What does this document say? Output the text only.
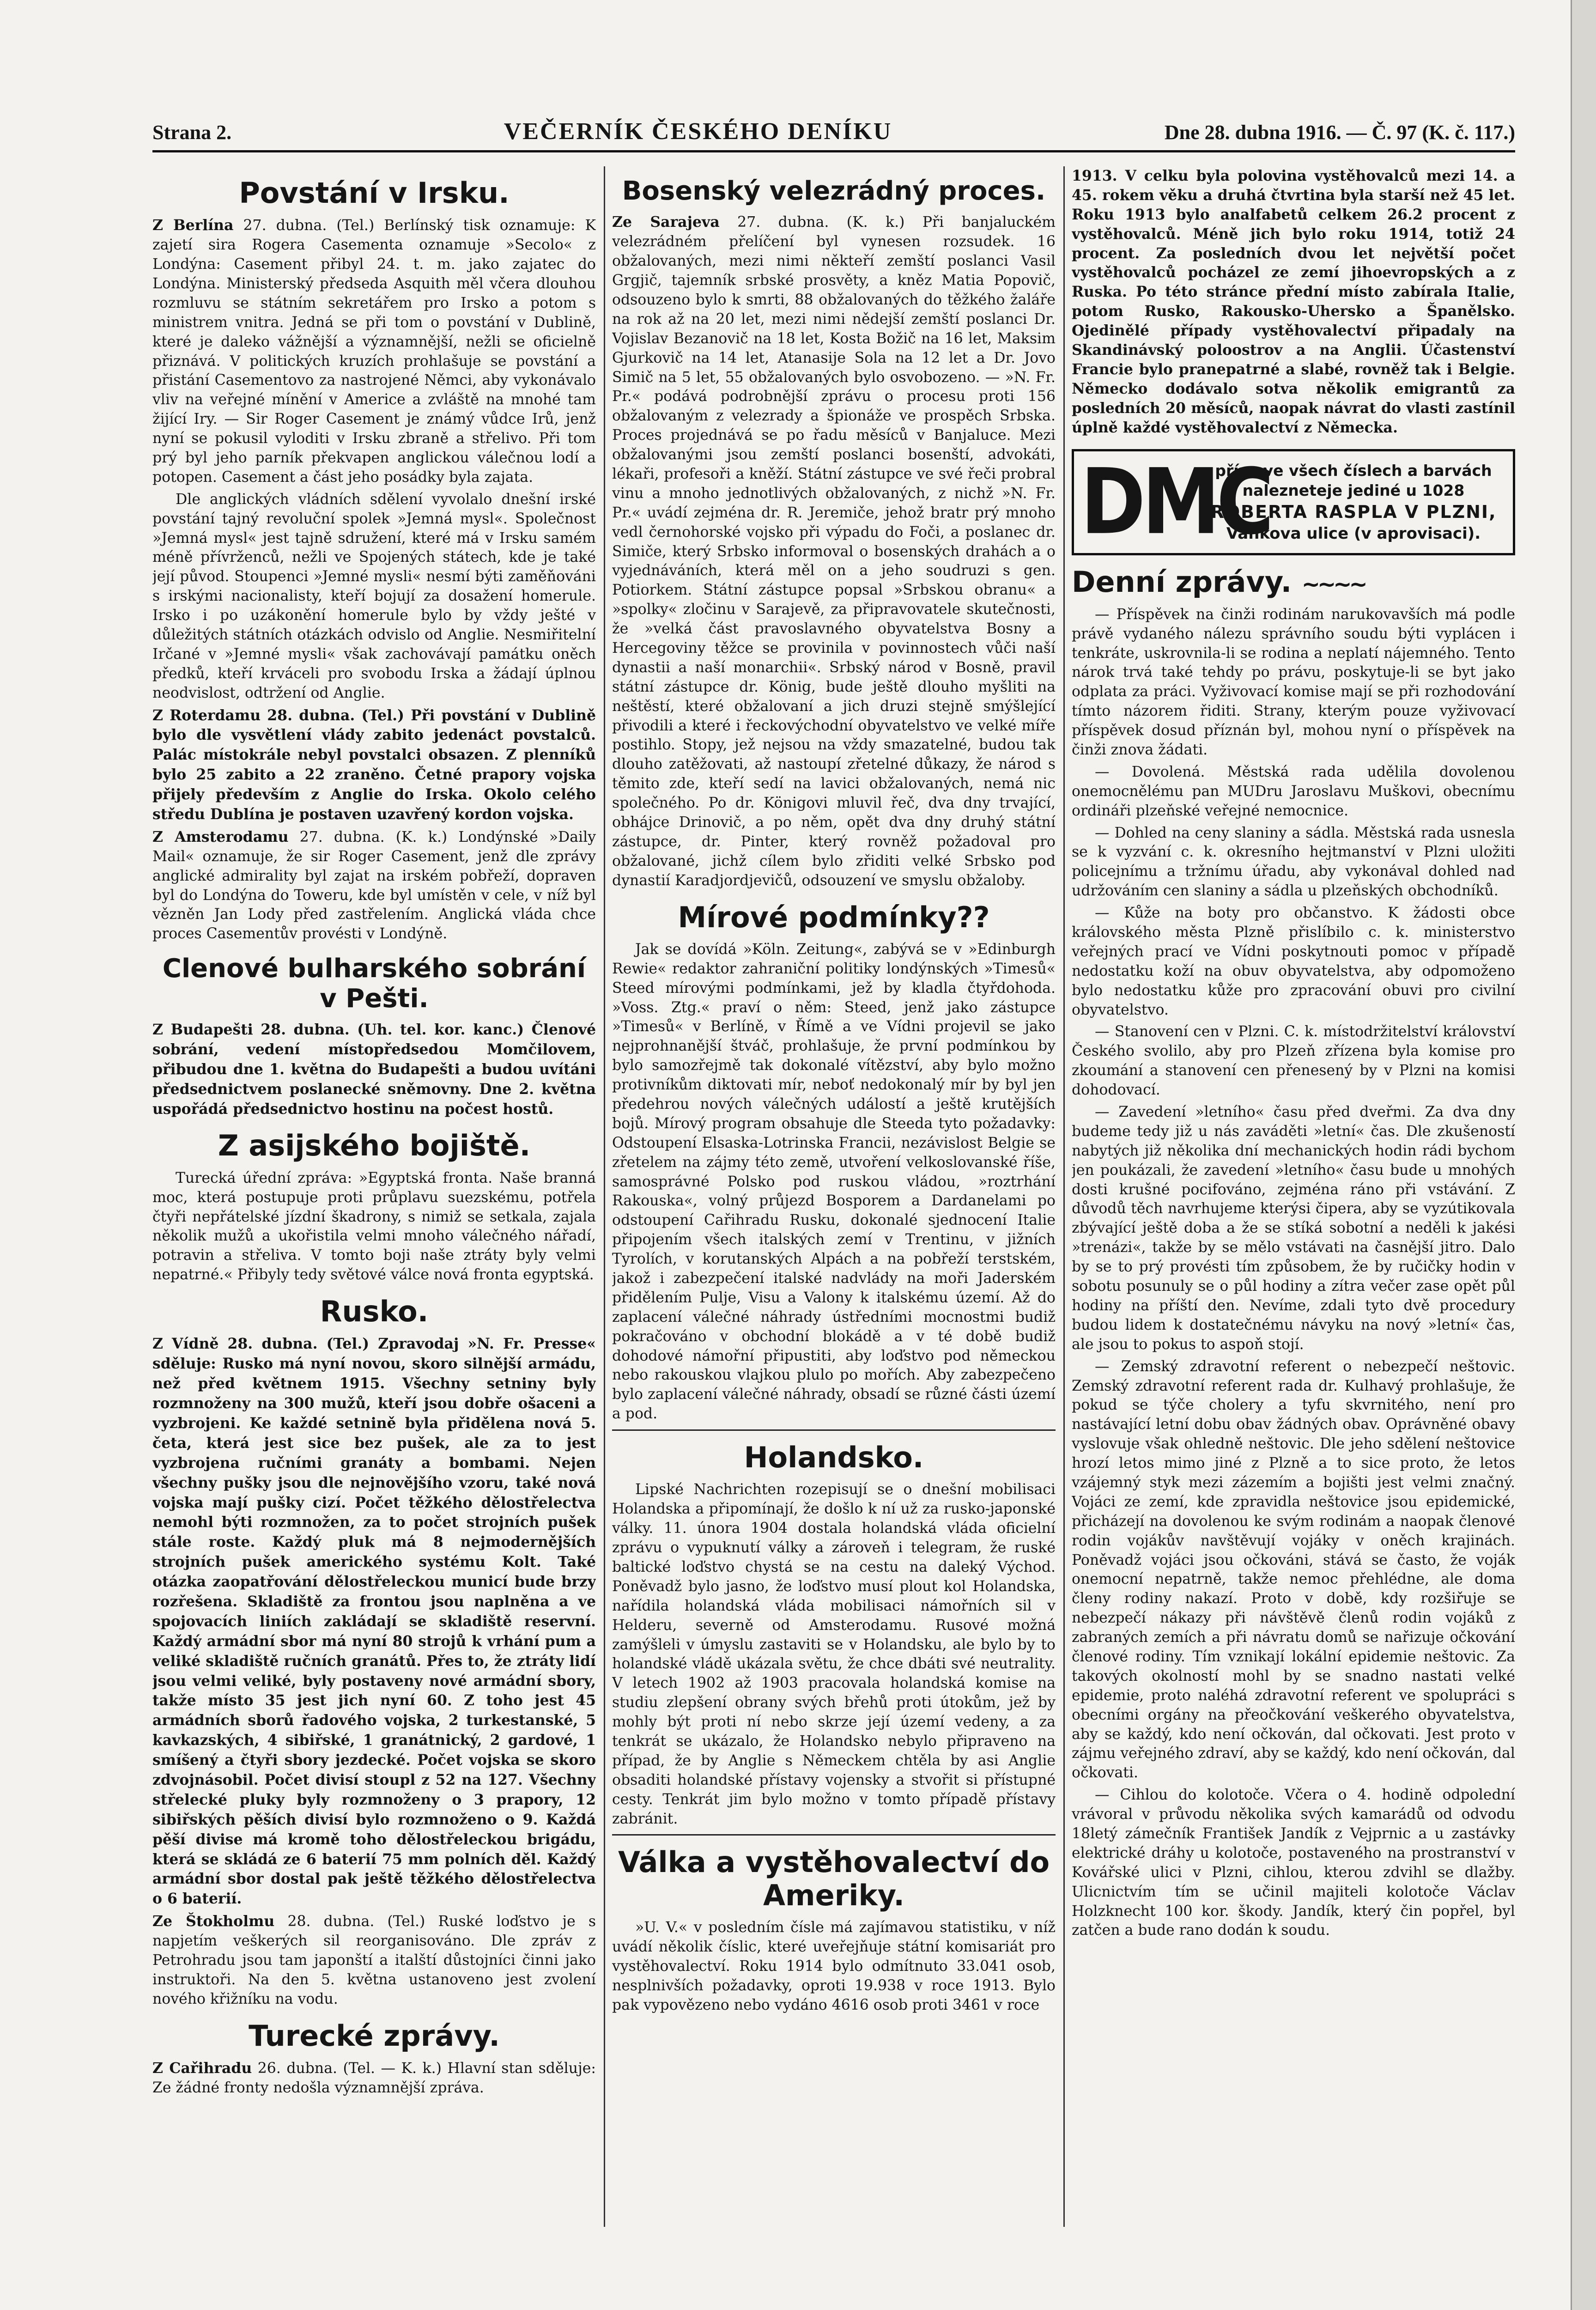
Strana 2.	VEČERNÍK ČESKÉHO DENÍKU	Dne 28. dubna 1916. — Č. 97 (K. č. 117.)
Povstání v Irsku.

Z Berlína 27. dubna. (Tel.) Berlínský tisk oznamuje: K zajetí sira Rogera Casementa oznamuje »Secolo« z Londýna: Casement přibyl 24. t. m. jako zajatec do Londýna. Ministerský předseda Asquith měl včera dlouhou rozmluvu se státním sekretářem pro Irsko a potom s ministrem vnitra. Jedná se při tom o povstání v Dublině, které je daleko vážnější a významnější, nežli se oficielně přiznává. V politických kruzích prohlašuje se povstání a přistání Casementovo za nastrojené Němci, aby vykonávalo vliv na veřejné mínění v Americe a zvláště na mnohé tam žijící Iry. — Sir Roger Casement je známý vůdce Irů, jenž nyní se pokusil vyloditi v Irsku zbraně a střelivo. Při tom prý byl jeho parník překvapen anglickou válečnou lodí a potopen. Casement a část jeho posádky byla zajata.

Dle anglických vládních sdělení vyvolalo dnešní irské povstání tajný revoluční spolek »Jemná mysl«. Společnost »Jemná mysl« jest tajně sdružení, které má v Irsku samém méně přívrženců, nežli ve Spojených státech, kde je také její původ. Stoupenci »Jemné mysli« nesmí býti zaměňováni s irskými nacionalisty, kteří bojují za dosažení homerule. Irsko i po uzákonění homerule bylo by vždy ješté v důležitých státních otázkách odvislo od Anglie. Nesmiřitelní Irčané v »Jemné mysli« však zachovávají památku oněch předků, kteří krváceli pro svobodu Irska a žádají úplnou neodvislost, odtržení od Anglie.

Z Roterdamu 28. dubna. (Tel.) Při povstání v Dublině bylo dle vysvětlení vlády zabito jedenáct povstalců. Palác místokrále nebyl povstalci obsazen. Z plenníků bylo 25 zabito a 22 zraněno. Četné prapory vojska přijely především z Anglie do Irska. Okolo celého středu Dublína je postaven uzavřený kordon vojska.

Z Amsterodamu 27. dubna. (K. k.) Londýnské »Daily Mail« oznamuje, že sir Roger Casement, jenž dle zprávy anglické admirality byl zajat na irském pobřeží, dopraven byl do Londýna do Toweru, kde byl umístěn v cele, v níž byl vězněn Jan Lody před zastřelením. Anglická vláda chce proces Casementův provésti v Londýně.

Clenové bulharského sobrání v Pešti.

Z Budapešti 28. dubna. (Uh. tel. kor. kanc.) Členové sobrání, vedení místopředsedou Momčilovem, přibudou dne 1. května do Budapešti a budou uvítáni předsednictvem poslanecké sněmovny. Dne 2. května uspořádá předsednictvo hostinu na počest hostů.

Z asijského bojiště.

Turecká úřední zpráva: »Egyptská fronta. Naše branná moc, která postupuje proti průplavu suezskému, potřela čtyři nepřátelské jízdní škadrony, s nimiž se setkala, zajala několik mužů a ukořistila velmi mnoho válečného nářadí, potravin a střeliva. V tomto boji naše ztráty byly velmi nepatrné.« Přibyly tedy světové válce nová fronta egyptská.

Rusko.

Z Vídně 28. dubna. (Tel.) Zpravodaj »N. Fr. Presse« sděluje: Rusko má nyní novou, skoro silnější armádu, než před květnem 1915. Všechny setniny byly rozmnoženy na 300 mužů, kteří jsou dobře ošaceni a vyzbrojeni. Ke každé setnině byla přidělena nová 5. četa, která jest sice bez pušek, ale za to jest vyzbrojena ručními granáty a bombami. Nejen všechny pušky jsou dle nejnovějšího vzoru, také nová vojska mají pušky cizí. Počet těžkého dělostřelectva nemohl býti rozmnožen, za to počet strojních pušek stále roste. Každý pluk má 8 nejmodernějších strojních pušek amerického systému Kolt. Také otázka zaopatřování dělostřeleckou municí bude brzy rozřešena. Skladiště za frontou jsou naplněna a ve spojovacích liniích zakládají se skladiště reservní. Každý armádní sbor má nyní 80 strojů k vrhání pum a veliké skladiště ručních granátů. Přes to, že ztráty lidí jsou velmi veliké, byly postaveny nové armádní sbory, takže místo 35 jest jich nyní 60. Z toho jest 45 armádních sborů řadového vojska, 2 turkestanské, 5 kavkazských, 4 sibiřské, 1 granátnický, 2 gardové, 1 smíšený a čtyři sbory jezdecké. Počet vojska se skoro zdvojnásobil. Počet divisí stoupl z 52 na 127. Všechny střelecké pluky byly rozmnoženy o 3 prapory, 12 sibiřských pěších divisí bylo rozmnoženo o 9. Každá pěší divise má kromě toho dělostřeleckou brigádu, která se skládá ze 6 baterií 75 mm polních děl. Každý armádní sbor dostal pak ještě těžkého dělostřelectva o 6 baterií.

Ze Štokholmu 28. dubna. (Tel.) Ruské loďstvo je s napjetím veškerých sil reorganisováno. Dle zpráv z Petrohradu jsou tam japonští a italští důstojníci činni jako instruktoři. Na den 5. května ustanoveno jest zvolení nového křižníku na vodu.

Turecké zprávy.

Z Cařihradu 26. dubna. (Tel. — K. k.) Hlavní stan sděluje: Ze žádné fronty nedošla významnější zpráva.

Bosenský velezrádný proces.

Ze Sarajeva 27. dubna. (K. k.) Při banjaluckém velezrádném přelíčení byl vynesen rozsudek. 16 obžalovaných, mezi nimi někteří zemští poslanci Vasil Grgjič, tajemník srbské prosvěty, a kněz Matia Popovič, odsouzeno bylo k smrti, 88 obžalovaných do těžkého žaláře na rok až na 20 let, mezi nimi nědejší zemští poslanci Dr. Vojislav Bezanovič na 18 let, Kosta Božič na 16 let, Maksim Gjurkovič na 14 let, Atanasije Sola na 12 let a Dr. Jovo Simič na 5 let, 55 obžalovaných bylo osvobozeno. — »N. Fr. Pr.« podává podrobnější zprávu o procesu proti 156 obžalovaným z velezrady a špionáže ve prospěch Srbska. Proces projednává se po řadu měsíců v Banjaluce. Mezi obžalovanými jsou zemští poslanci bosenští, advokáti, lékaři, profesoři a kněží. Státní zástupce ve své řeči probral vinu a mnoho jednotlivých obžalovaných, z nichž »N. Fr. Pr.« uvádí zejména dr. R. Jeremiče, jehož bratr prý mnoho vedl černohorské vojsko při výpadu do Foči, a poslanec dr. Simiče, který Srbsko informoval o bosenských drahách a o vyjednáváních, která měl on a jeho soudruzi s gen. Potiorkem. Státní zástupce popsal »Srbskou obranu« a »spolky« zločinu v Sarajevě, za připravovatele skutečnosti, že »velká část pravoslavného obyvatelstva Bosny a Hercegoviny těžce se provinila v povinnostech vůči naší dynastii a naší monarchii«. Srbský národ v Bosně, pravil státní zástupce dr. König, bude ještě dlouho myšliti na neštěstí, které obžalovaní a jich druzi stejně smýšlející přivodili a které i řeckovýchodní obyvatelstvo ve velké míře postihlo. Stopy, jež nejsou na vždy smazatelné, budou tak dlouho zatěžovati, až nastoupí zřetelné důkazy, že národ s těmito zde, kteří sedí na lavici obžalovaných, nemá nic společného. Po dr. Königovi mluvil řeč, dva dny trvající, obhájce Drinovič, a po něm, opět dva dny druhý státní zástupce, dr. Pinter, který rovněž požadoval pro obžalované, jichž cílem bylo zřiditi velké Srbsko pod dynastií Karadjordjevičů, odsouzení ve smyslu obžaloby.

Mírové podmínky??

Jak se dovídá »Köln. Zeitung«, zabývá se v »Edinburgh Rewie« redaktor zahraniční politiky londýnských »Timesů« Steed mírovými podmínkami, jež by kladla čtyřdohoda. »Voss. Ztg.« praví o něm: Steed, jenž jako zástupce »Timesů« v Berlíně, v Římě a ve Vídni projevil se jako nejprohnanější štváč, prohlašuje, že první podmínkou by bylo samozřejmě tak dokonalé vítězství, aby bylo možno protivníkům diktovati mír, neboť nedokonalý mír by byl jen předehrou nových válečných událostí a ještě krutějších bojů. Mírový program obsahuje dle Steeda tyto požadavky: Odstoupení Elsaska-Lotrinska Francii, nezávislost Belgie se zřetelem na zájmy této země, utvoření velkoslovanské říše, samosprávné Polsko pod ruskou vládou, »roztrhání Rakouska«, volný průjezd Bosporem a Dardanelami po odstoupení Cařihradu Rusku, dokonalé sjednocení Italie připojením všech italských zemí v Trentinu, v jižních Tyrolích, v korutanských Alpách a na pobřeží terstském, jakož i zabezpečení italské nadvlády na moři Jaderském přidělením Pulje, Visu a Valony k italskému území. Až do zaplacení válečné náhrady ústředními mocnostmi budiž pokračováno v obchodní blokádě a v té době budiž dohodové námořní připustiti, aby loďstvo pod německou nebo rakouskou vlajkou plulo po mořích. Aby zabezpečeno bylo zaplacení válečné náhrady, obsadí se různé části území a pod.

Holandsko.

Lipské Nachrichten rozepisují se o dnešní mobilisaci Holandska a připomínají, že došlo k ní už za rusko-japonské války. 11. února 1904 dostala holandská vláda oficielní zprávu o vypuknutí války a zároveň i telegram, že ruské baltické loďstvo chystá se na cestu na daleký Východ. Poněvadž bylo jasno, že loďstvo musí plout kol Holandska, nařídila holandská vláda mobilisaci námořních sil v Helderu, severně od Amsterodamu. Rusové možná zamýšleli v úmyslu zastaviti se v Holandsku, ale bylo by to holandské vládě ukázala světu, že chce dbáti své neutrality. V letech 1902 až 1903 pracovala holandská komise na studiu zlepšení obrany svých břehů proti útokům, jež by mohly být proti ní nebo skrze její území vedeny, a za tenkrát se ukázalo, že Holandsko nebylo připraveno na případ, že by Anglie s Německem chtěla by asi Anglie obsaditi holandské přístavy vojensky a stvořit si přístupné cesty. Tenkrát jim bylo možno v tomto případě přístavy zabránit.

Válka a vystěhovalectví do Ameriky.

»U. V.« v posledním čísle má zajímavou statistiku, v níž uvádí několik číslic, které uveřejňuje státní komisariát pro vystěhovalectví. Roku 1914 bylo odmítnuto 33.041 osob, nesplnivších požadavky, oproti 19.938 v roce 1913. Bylo pak vypovězeno nebo vydáno 4616 osob proti 3461 v roce

1913. V celku byla polovina vystěhovalců mezi 14. a 45. rokem věku a druhá čtvrtina byla starší než 45 let. Roku 1913 bylo analfabetů celkem 26.2 procent z vystěhovalců. Méně jich bylo roku 1914, totiž 24 procent. Za posledních dvou let největší počet vystěhovalců pocházel ze zemí jihoevropských a z Ruska. Po této stránce přední místo zabírala Italie, potom Rusko, Rakousko-Uhersko a Španělsko. Ojedinělé případy vystěhovalectví připadaly na Skandinávský poloostrov a na Anglii. Účastenství Francie bylo pranepatrné a slabé, rovněž tak i Belgie. Německo dodávalo sotva několik emigrantů za posledních 20 měsíců, naopak návrat do vlasti zastínil úplně každé vystěhovalectví z Německa.

DMC
příze ve všech číslech a barvách
nalezneteje jediné u 1028
ROBERTA RASPLA V PLZNI,
Vankova ulice (v aprovisaci).
Denní zprávy. ~~~~

— Příspěvek na činži rodinám narukovavších má podle právě vydaného nálezu správního soudu býti vyplácen i tenkráte, uskrovnila-li se rodina a neplatí nájemného. Tento nárok trvá také tehdy po právu, poskytuje-li se byt jako odplata za práci. Vyživovací komise mají se při rozhodování tímto názorem řiditi. Strany, kterým pouze vyživovací příspěvek dosud příznán byl, mohou nyní o příspěvek na činži znova žádati.

— Dovolená. Městská rada udělila dovolenou onemocnělému pan MUDru Jaroslavu Muškovi, obecnímu ordináři plzeňské veřejné nemocnice.

— Dohled na ceny slaniny a sádla. Městská rada usnesla se k vyzvání c. k. okresního hejtmanství v Plzni uložiti policejnímu a tržnímu úřadu, aby vykonával dohled nad udržováním cen slaniny a sádla u plzeňských obchodníků.

— Kůže na boty pro občanstvo. K žádosti obce královského města Plzně přislíbilo c. k. ministerstvo veřejných prací ve Vídni poskytnouti pomoc v případě nedostatku koží na obuv obyvatelstva, aby odpomoženo bylo nedostatku kůže pro zpracování obuvi pro civilní obyvatelstvo.

— Stanovení cen v Plzni. C. k. místodržitelství království Českého svolilo, aby pro Plzeň zřízena byla komise pro zkoumání a stanovení cen přenesený by v Plzni na komisi dohodovací.

— Zavedení »letního« času před dveřmi. Za dva dny budeme tedy již u nás zaváděti »letní« čas. Dle zkušeností nabytých již několika dní mechanických hodin rádi bychom jen poukázali, že zavedení »letního« času bude u mnohých dosti krušné pocifováno, zejména ráno při vstávání. Z důvodů těch navrhujeme kterýsi čipera, aby se vyzútikovala zbývající ještě doba a že se stíká sobotní a neděli k jakési »trenázi«, takže by se mělo vstávati na časnější jitro. Dalo by se to prý provésti tím způsobem, že by ručičky hodin v sobotu posunuly se o půl hodiny a zítra večer zase opět půl hodiny na příští den. Nevíme, zdali tyto dvě procedury budou lidem k dostatečnému návyku na nový »letní« čas, ale jsou to pokus to aspoň stojí.

— Zemský zdravotní referent o nebezpečí neštovic. Zemský zdravotní referent rada dr. Kulhavý prohlašuje, že pokud se týče cholery a tyfu skvrnitého, není pro nastávající letní dobu obav žádných obav. Oprávněné obavy vyslovuje však ohledně neštovic. Dle jeho sdělení neštovice hrozí letos mimo jiné z Plzně a to sice proto, že letos vzájemný styk mezi zázemím a bojišti jest velmi značný. Vojáci ze zemí, kde zpravidla neštovice jsou epidemické, přicházejí na dovolenou ke svým rodinám a naopak členové rodin vojákův navštěvují vojáky v oněch krajinách. Poněvadž vojáci jsou očkováni, stává se často, že voják onemocní nepatrně, takže nemoc přehlédne, ale doma členy rodiny nakazí. Proto v době, kdy rozšiřuje se nebezpečí nákazy při návštěvě členů rodin vojáků z zabraných zemích a při návratu domů se nařizuje očkování členové rodiny. Tím vznikají lokální epidemie neštovic. Za takových okolností mohl by se snadno nastati velké epidemie, proto naléhá zdravotní referent ve spolupráci s obecními orgány na přeočkování veškerého obyvatelstva, aby se každý, kdo není očkován, dal očkovati. Jest proto v zájmu veřejného zdraví, aby se každý, kdo není očkován, dal očkovati.

— Cihlou do kolotoče. Včera o 4. hodině odpolední vrávoral v průvodu několika svých kamarádů od odvodu 18letý zámečník František Jandík z Vejprnic a u zastávky elektrické dráhy u kolotoče, postaveného na prostranství v Kovářské ulici v Plzni, cihlou, kterou zdvihl se dlažby. Ulicnictvím tím se učinil majiteli kolotoče Václav Holzknecht 100 kor. škody. Jandík, který čin popřel, byl zatčen a bude rano dodán k soudu.
